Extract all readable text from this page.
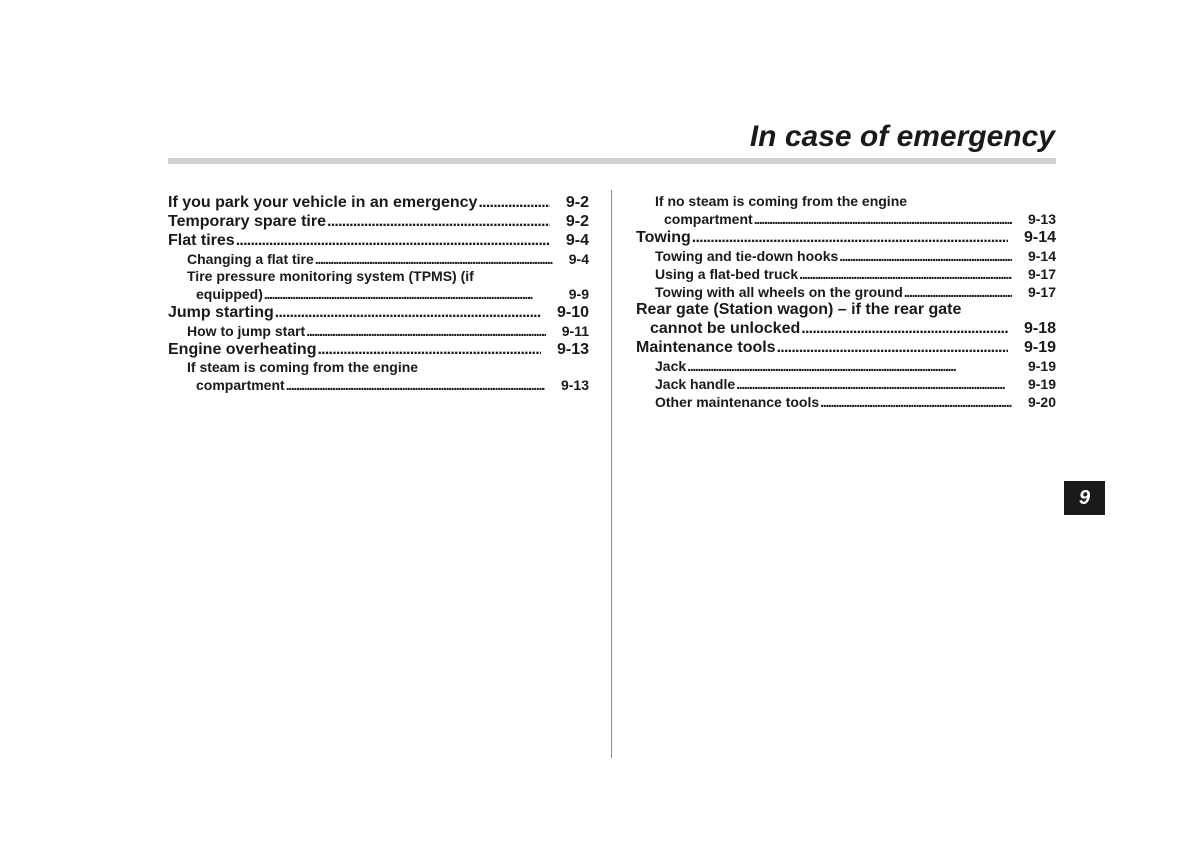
In case of emergency
If you park your vehicle in an emergency . . .	9-2
Temporary spare tire . . .	9-2
Flat tires . . .	9-4
Changing a flat tire . . .	9-4
Tire pressure monitoring system (TPMS) (if
equipped) . . .	9-9
Jump starting . . .	9-10
How to jump start . . .	9-11
Engine overheating . . .	9-13
If steam is coming from the engine
compartment . . .	9-13
If no steam is coming from the engine
compartment . . .	9-13
Towing . . .	9-14
Towing and tie-down hooks . . .	9-14
Using a flat-bed truck . . .	9-17
Towing with all wheels on the ground . . .	9-17
Rear gate (Station wagon) – if the rear gate
cannot be unlocked . . .	9-18
Maintenance tools . . .	9-19
Jack . . .	9-19
Jack handle . . .	9-19
Other maintenance tools . . .	9-20
9
